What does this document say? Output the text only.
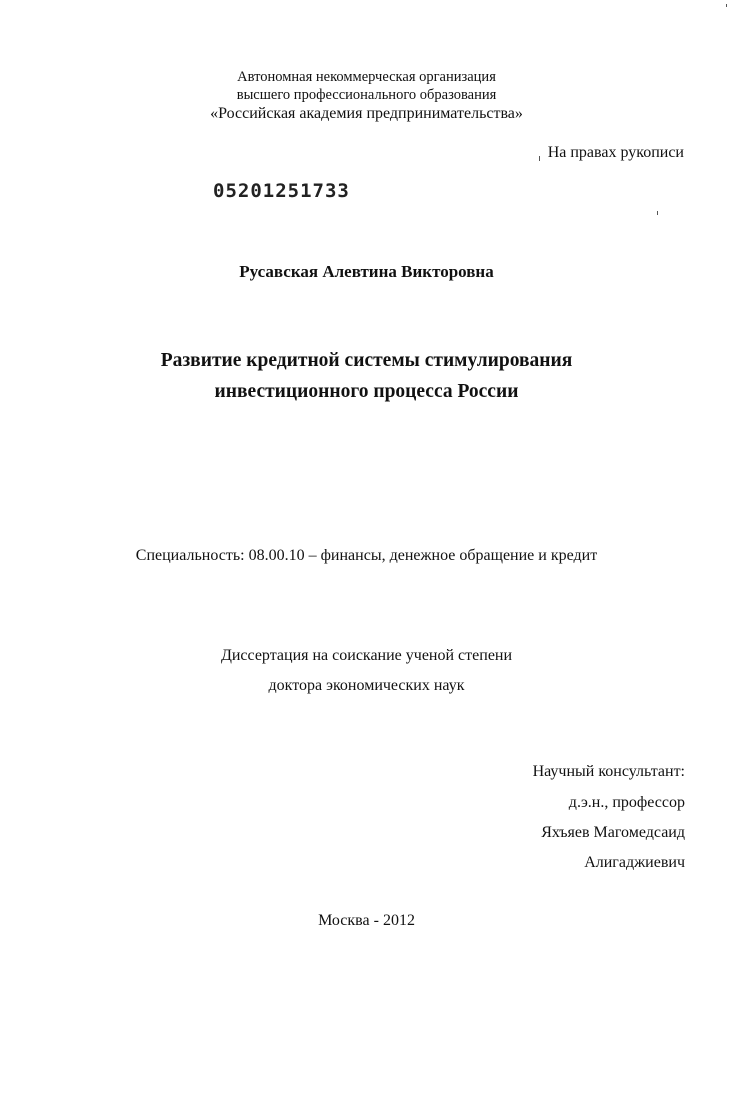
Автономная некоммерческая организация
высшего профессионального образования
«Российская академия предпринимательства»
На правах рукописи
05201251733
Русавская Алевтина Викторовна
Развитие кредитной системы стимулирования
инвестиционного процесса России
Специальность: 08.00.10 – финансы, денежное обращение и кредит
Диссертация на соискание ученой степени
доктора экономических наук
Научный консультант:
д.э.н., профессор
Яхъяев Магомедсаид
Алигаджиевич
Москва - 2012
